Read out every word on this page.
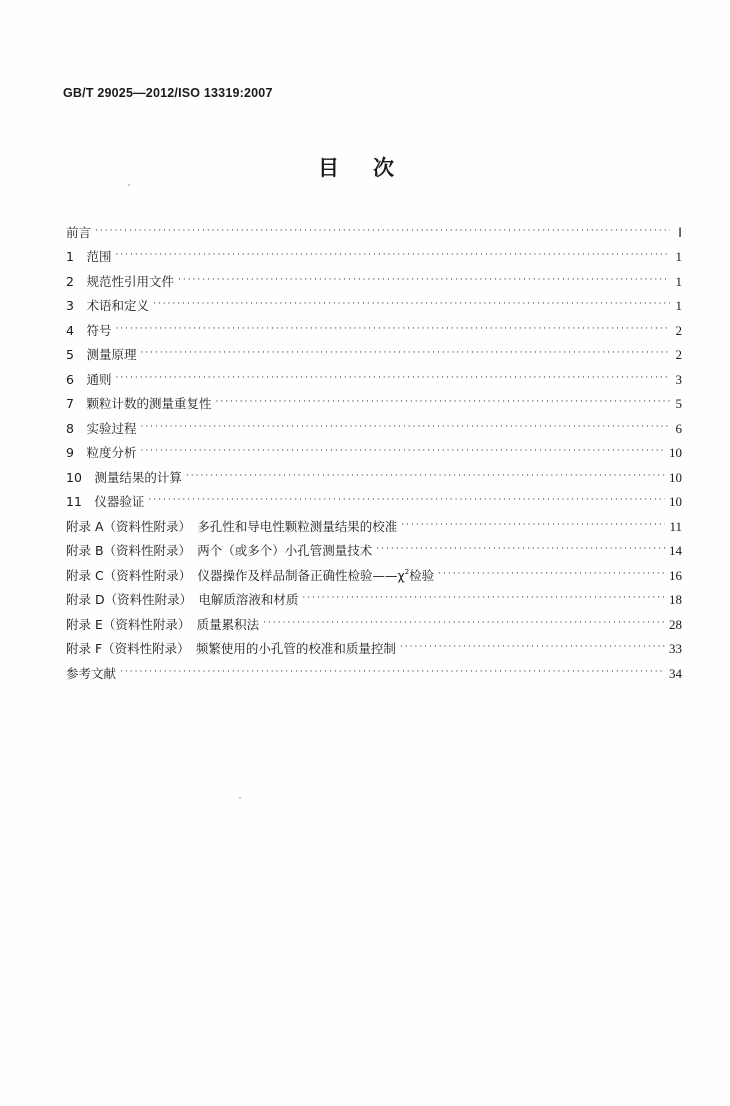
GB/T 29025—2012/ISO 13319:2007
目次
前言 ·····	Ⅰ
1　范围 ·····	1
2　规范性引用文件 ·····	1
3　术语和定义 ·····	1
4　符号 ·····	2
5　测量原理 ·····	2
6　通则 ·····	3
7　颗粒计数的测量重复性 ·····	5
8　实验过程 ·····	6
9　粒度分析 ·····	10
10　测量结果的计算 ·····	10
11　仪器验证 ·····	10
附录 A（资料性附录）　多孔性和导电性颗粒测量结果的校准 ·····	11
附录 B（资料性附录）　两个（或多个）小孔管测量技术 ·····	14
附录 C（资料性附录）　仪器操作及样品制备正确性检验$——\chi^2$检验 ·····	16
附录 D（资料性附录）　电解质溶液和材质 ·····	18
附录 E（资料性附录）　质量累积法 ·····	28
附录 F（资料性附录）　频繁使用的小孔管的校准和质量控制 ·····	33
参考文献 ·····	34
